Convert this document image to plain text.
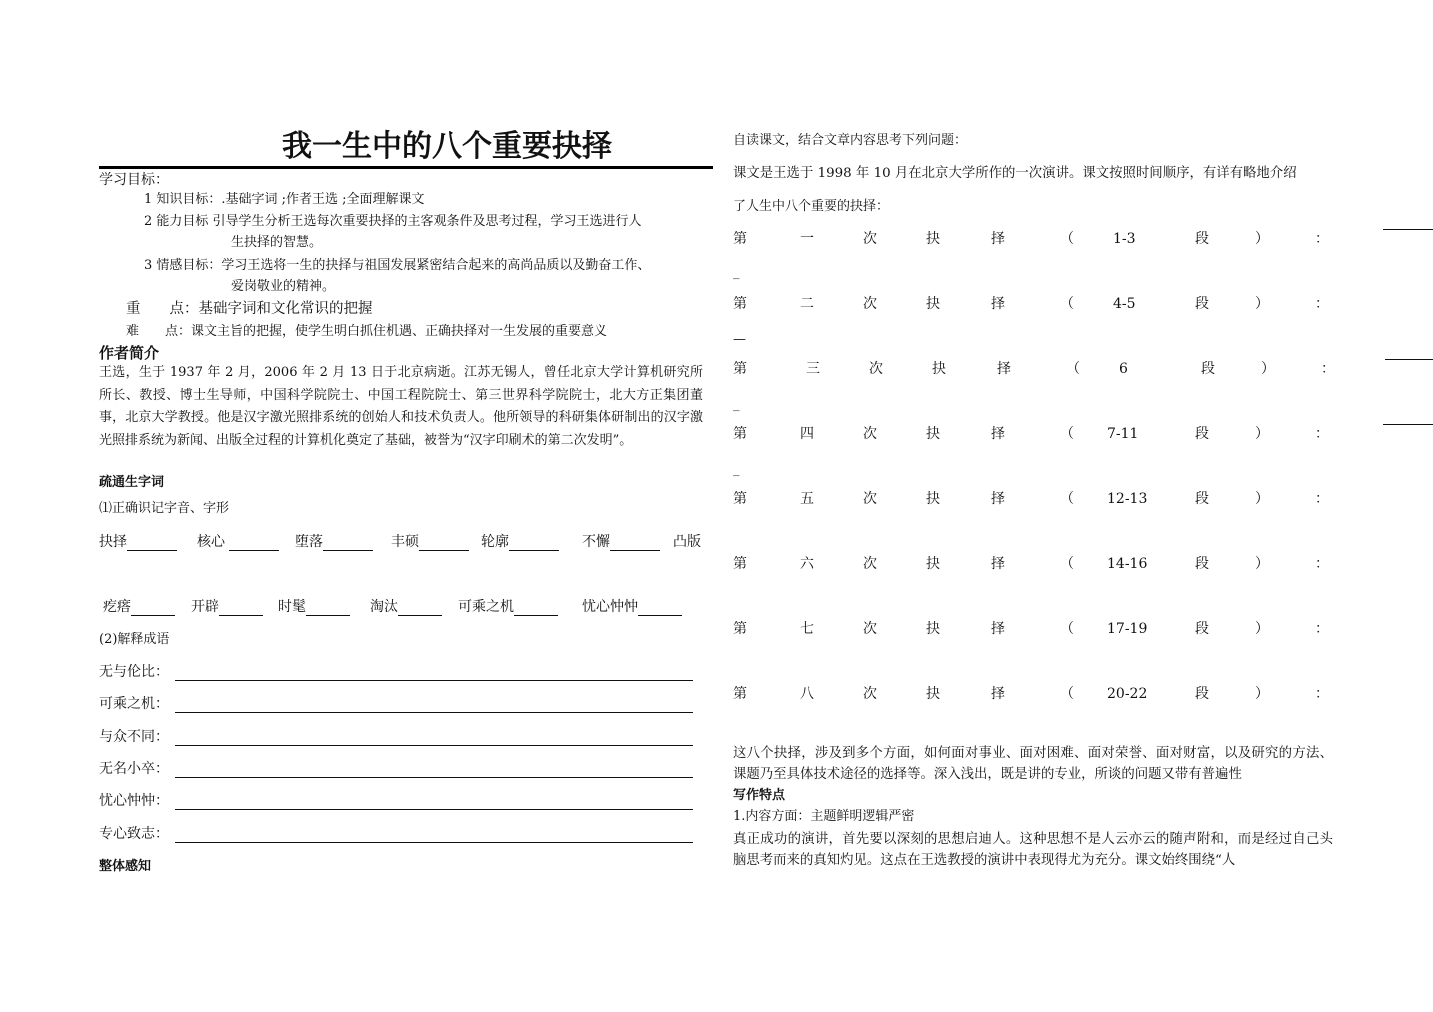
我一生中的八个重要抉择
学习目标：
1 知识目标：.基础字词 ;作者王选 ;全面理解课文
2 能力目标 引导学生分析王选每次重要抉择的主客观条件及思考过程，学习王选进行人
生抉择的智慧。
3 情感目标：学习王选将一生的抉择与祖国发展紧密结合起来的高尚品质以及勤奋工作、
爱岗敬业的精神。
重　　点：基础字词和文化常识的把握
难　　点：课文主旨的把握，使学生明白抓住机遇、正确抉择对一生发展的重要意义
作者简介
王选，生于 1937 年 2 月，2006 年 2 月 13 日于北京病逝。江苏无锡人，曾任北京大学计算机研究所所长、教授、博士生导师，中国科学院院士、中国工程院院士、第三世界科学院院士，北大方正集团董事，北京大学教授。他是汉字激光照排系统的创始人和技术负责人。他所领导的科研集体研制出的汉字激光照排系统为新闻、出版全过程的计算机化奠定了基础，被誉为“汉字印刷术的第二次发明”。
疏通生字词
⑴正确识记字音、字形
抉择	核心	堕落	丰硕	轮廓	不懈	凸版
疙瘩	开辟	时髦	淘汰	可乘之机	忧心忡忡
(2)解释成语
无与伦比：
可乘之机：
与众不同：
无名小卒：
忧心忡忡：
专心致志：
整体感知
自读课文，结合文章内容思考下列问题：
课文是王选于 1998 年 10 月在北京大学所作的一次演讲。课文按照时间顺序，有详有略地介绍
了人生中八个重要的抉择：
第	一	次	抉	择	（	1-3	段	）	：
第	二	次	抉	择	（	4-5	段	）	：
第	三	次	抉	择	（	6	段	）	：
第	四	次	抉	择	（ 7-11	段	）	：
第	五	次	抉	择	（ 12-13	段	）	：
第	六	次	抉	择	（ 14-16	段	）	：
第	七	次	抉	择	（ 17-19	段	）	：
第	八	次	抉	择	（ 20-22	段	）	：
_
—
_
_
这八个抉择，涉及到多个方面，如何面对事业、面对困难、面对荣誉、面对财富，以及研究的方法、课题乃至具体技术途径的选择等。深入浅出，既是讲的专业，所谈的问题又带有普遍性
写作特点
1.内容方面：主题鲜明逻辑严密
真正成功的演讲，首先要以深刻的思想启迪人。这种思想不是人云亦云的随声附和，而是经过自己头脑思考而来的真知灼见。这点在王选教授的演讲中表现得尤为充分。课文始终围绕“人
